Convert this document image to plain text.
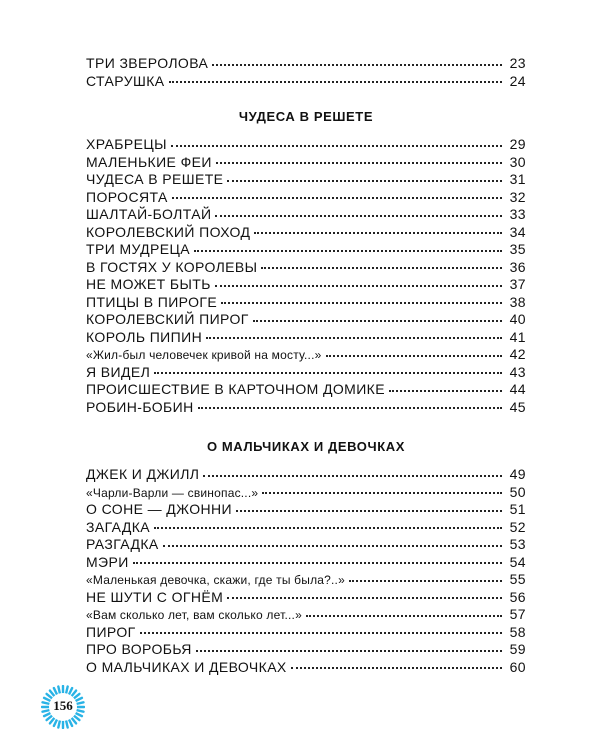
ТРИ ЗВЕРОЛОВА	23
СТАРУШКА	24
ЧУДЕСА В РЕШЕТЕ
ХРАБРЕЦЫ	29
МАЛЕНЬКИЕ ФЕИ	30
ЧУДЕСА В РЕШЕТЕ	31
ПОРОСЯТА	32
ШАЛТАЙ-БОЛТАЙ	33
КОРОЛЕВСКИЙ ПОХОД	34
ТРИ МУДРЕЦА	35
В ГОСТЯХ У КОРОЛЕВЫ	36
НЕ МОЖЕТ БЫТЬ	37
ПТИЦЫ В ПИРОГЕ	38
КОРОЛЕВСКИЙ ПИРОГ	40
КОРОЛЬ ПИПИН	41
«Жил-был человечек кривой на мосту...»	42
Я ВИДЕЛ	43
ПРОИСШЕСТВИЕ В КАРТОЧНОМ ДОМИКЕ	44
РОБИН-БОБИН	45
О МАЛЬЧИКАХ И ДЕВОЧКАХ
ДЖЕК И ДЖИЛЛ	49
«Чарли-Варли — свинопас...»	50
О СОНЕ — ДЖОННИ	51
ЗАГАДКА	52
РАЗГАДКА	53
МЭРИ	54
«Маленькая девочка, скажи, где ты была?..»	55
НЕ ШУТИ С ОГНЁМ	56
«Вам сколько лет, вам сколько лет...»	57
ПИРОГ	58
ПРО ВОРОБЬЯ	59
О МАЛЬЧИКАХ И ДЕВОЧКАХ	60
156
